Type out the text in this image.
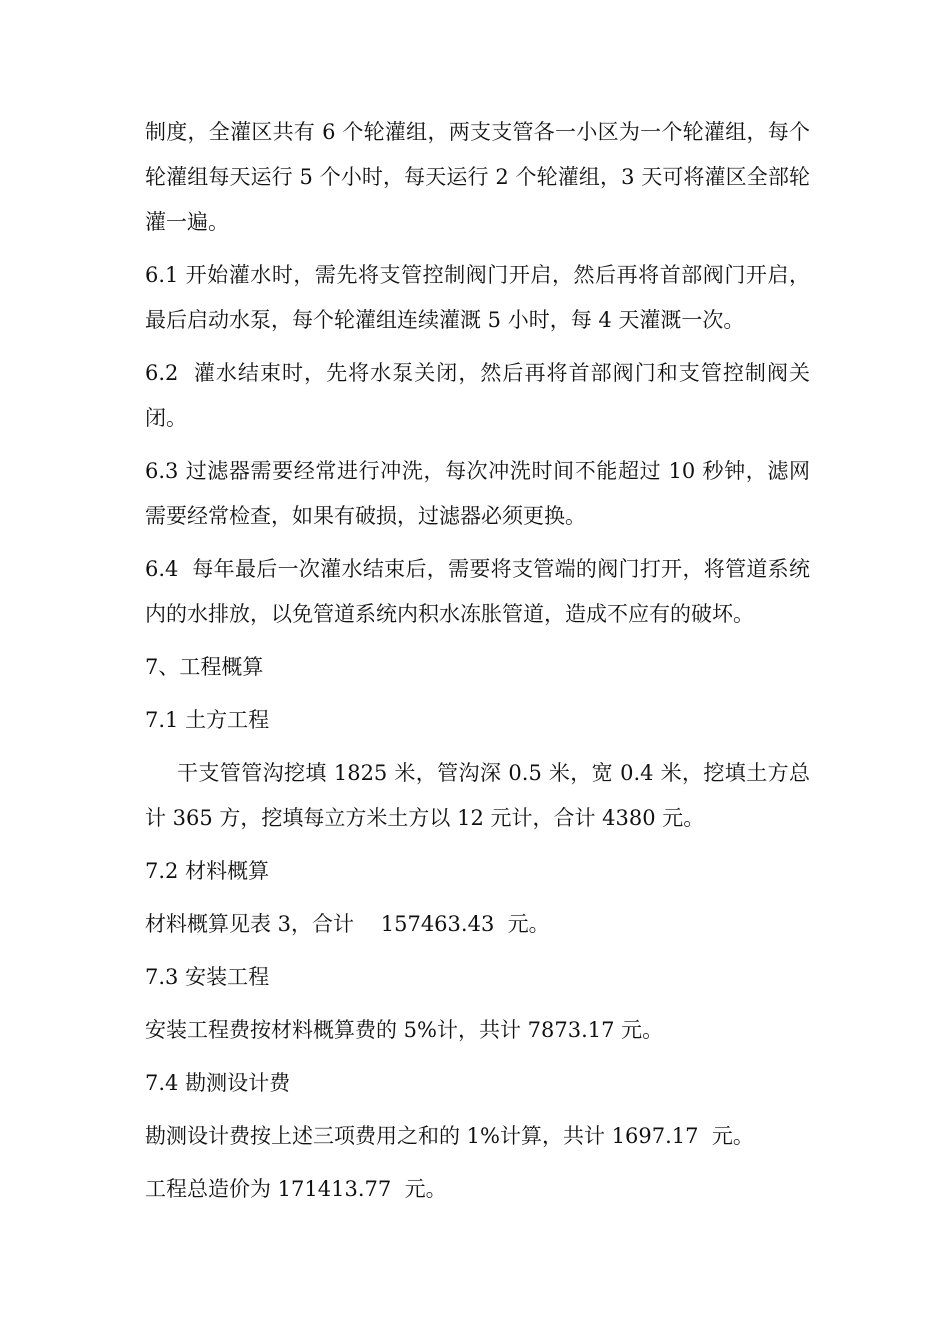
制度，全灌区共有 6 个轮灌组，两支支管各一小区为一个轮灌组，每个轮灌组每天运行 5 个小时，每天运行 2 个轮灌组，3 天可将灌区全部轮灌一遍。

6.1 开始灌水时，需先将支管控制阀门开启，然后再将首部阀门开启，最后启动水泵，每个轮灌组连续灌溉 5 小时，每 4 天灌溉一次。

6.2  灌水结束时，先将水泵关闭，然后再将首部阀门和支管控制阀关闭。

6.3 过滤器需要经常进行冲洗，每次冲洗时间不能超过 10 秒钟，滤网需要经常检查，如果有破损，过滤器必须更换。

6.4  每年最后一次灌水结束后，需要将支管端的阀门打开，将管道系统内的水排放，以免管道系统内积水冻胀管道，造成不应有的破坏。

7、工程概算

7.1 土方工程

干支管管沟挖填 1825 米，管沟深 0.5 米，宽 0.4 米，挖填土方总计 365 方，挖填每立方米土方以 12 元计，合计 4380 元。

7.2 材料概算

材料概算见表 3，合计    157463.43  元。

7.3 安装工程

安装工程费按材料概算费的 5%计，共计 7873.17 元。

7.4 勘测设计费

勘测设计费按上述三项费用之和的 1%计算，共计 1697.17  元。

工程总造价为 171413.77  元。
